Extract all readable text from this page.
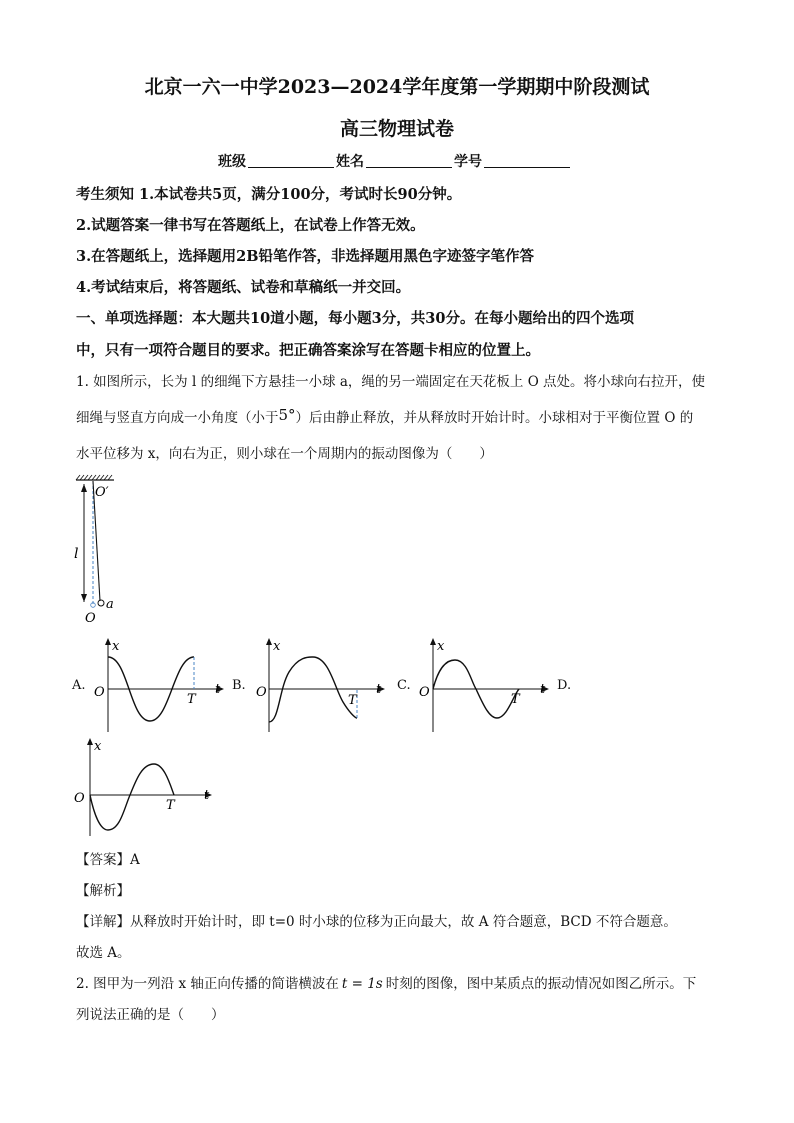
北京一六一中学2023—2024学年度第一学期期中阶段测试
高三物理试卷
班级	姓名	学号
考生须知 1.本试卷共5页，满分100分，考试时长90分钟。
2.试题答案一律书写在答题纸上，在试卷上作答无效。
3.在答题纸上，选择题用2B铅笔作答，非选择题用黑色字迹签字笔作答
4.考试结束后，将答题纸、试卷和草稿纸一并交回。
一、单项选择题：本大题共10道小题，每小题3分，共30分。在每小题给出的四个选项
中，只有一项符合题目的要求。把正确答案涂写在答题卡相应的位置上。
1. 如图所示，长为 l 的细绳下方悬挂一小球 a，绳的另一端固定在天花板上 O 点处。将小球向右拉开，使
细绳与竖直方向成一小角度（小于5°）后由静止释放，并从释放时开始计时。小球相对于平衡位置 O 的
水平位移为 x，向右为正，则小球在一个周期内的振动图像为（　　）
O′
l
a
O
A.
x
t
O	T
B.
x
t
O
T
C.
x
t
O	T
D.
x
t
O	T
【答案】A
【解析】
【详解】从释放时开始计时，即 t=0 时小球的位移为正向最大，故 A 符合题意，BCD 不符合题意。
故选 A。
2. 图甲为一列沿 x 轴正向传播的简谐横波在 t = 1s 时刻的图像，图中某质点的振动情况如图乙所示。下
列说法正确的是（　　）
